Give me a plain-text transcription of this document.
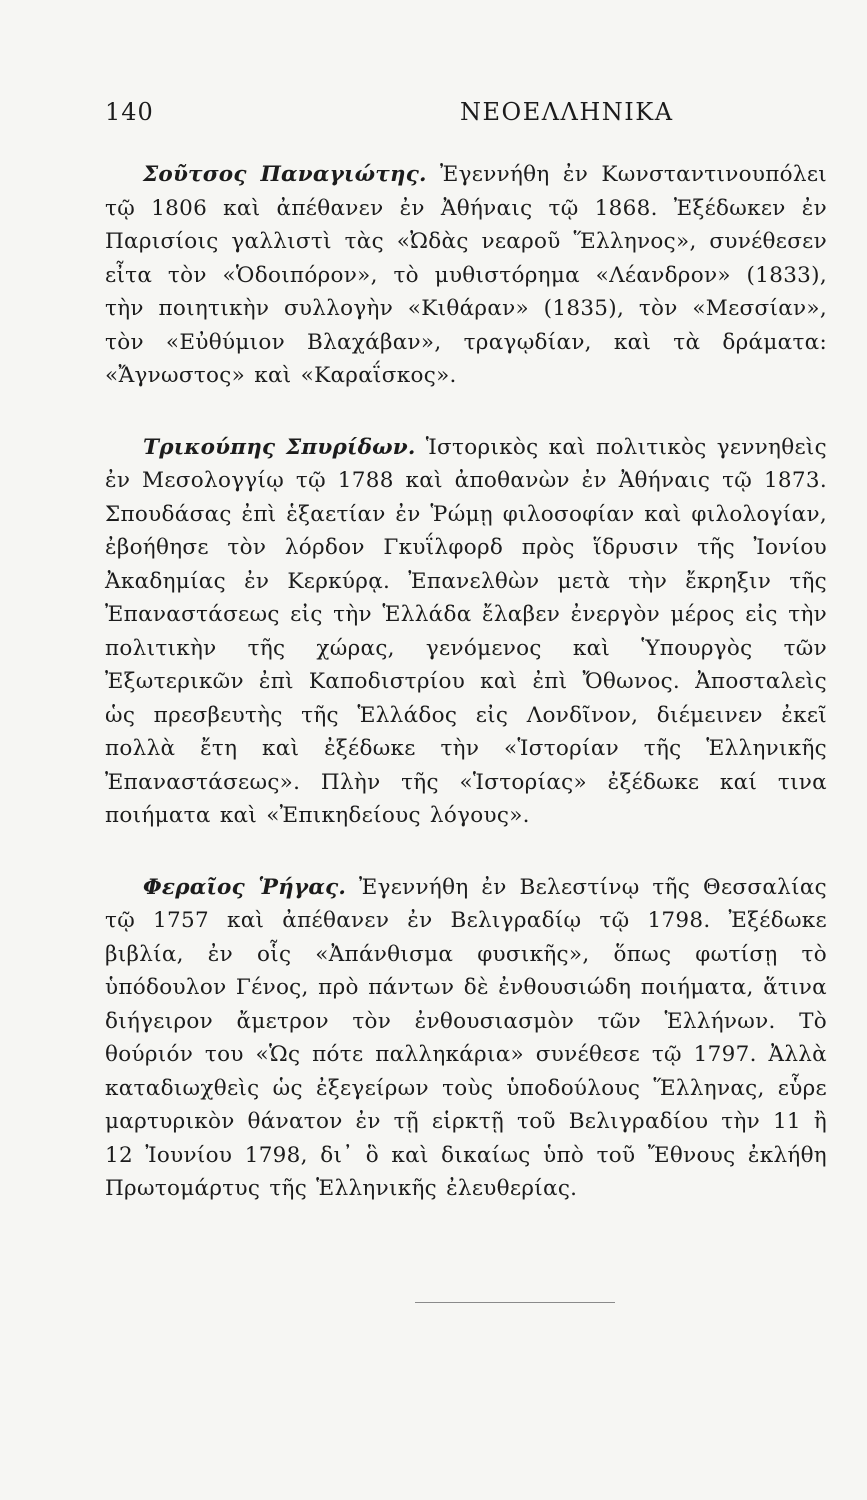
140	ΝΕΟΕΛΛΗΝΙΚΑ

Σοῦτσος Παναγιώτης. Ἐγεννήθη ἐν Κωνσταντινουπόλει τῷ 1806 καὶ ἀπέθανεν ἐν Ἀθήναις τῷ 1868. Ἐξέδωκεν ἐν Παρισίοις γαλλιστὶ τὰς «Ὠδὰς νεαροῦ Ἕλληνος», συνέθεσεν εἶτα τὸν «Ὁδοιπόρον», τὸ μυθιστόρημα «Λέανδρον» (1833), τὴν ποιητικὴν συλλογὴν «Κιθάραν» (1835), τὸν «Μεσσίαν», τὸν «Εὐθύμιον Βλαχάβαν», τραγῳδίαν, καὶ τὰ δράματα: «Ἄγνωστος» καὶ «Καραΐσκος».

Τρικούπης Σπυρίδων. Ἱστορικὸς καὶ πολιτικὸς γεννηθεὶς ἐν Μεσολογγίῳ τῷ 1788 καὶ ἀποθανὼν ἐν Ἀθήναις τῷ 1873. Σπουδάσας ἐπὶ ἑξαετίαν ἐν Ῥώμῃ φιλοσοφίαν καὶ φιλολογίαν, ἐβοήθησε τὸν λόρδον Γκυΐλφορδ πρὸς ἵδρυσιν τῆς Ἰονίου Ἀκαδημίας ἐν Κερκύρᾳ. Ἐπανελθὼν μετὰ τὴν ἔκρηξιν τῆς Ἐπαναστάσεως εἰς τὴν Ἑλλάδα ἔλαβεν ἐνεργὸν μέρος εἰς τὴν πολιτικὴν τῆς χώρας, γενόμενος καὶ Ὑπουργὸς τῶν Ἐξωτερικῶν ἐπὶ Καποδιστρίου καὶ ἐπὶ Ὄθωνος. Ἀποσταλεὶς ὡς πρεσβευτὴς τῆς Ἑλλάδος εἰς Λονδῖνον, διέμεινεν ἐκεῖ πολλὰ ἔτη καὶ ἐξέδωκε τὴν «Ἱστορίαν τῆς Ἑλληνικῆς Ἐπαναστάσεως». Πλὴν τῆς «Ἱστορίας» ἐξέδωκε καί τινα ποιήματα καὶ «Ἐπικηδείους λόγους».

Φεραῖος Ῥήγας. Ἐγεννήθη ἐν Βελεστίνῳ τῆς Θεσσαλίας τῷ 1757 καὶ ἀπέθανεν ἐν Βελιγραδίῳ τῷ 1798. Ἐξέδωκε βιβλία, ἐν οἷς «Ἀπάνθισμα φυσικῆς», ὅπως φωτίσῃ τὸ ὑπόδουλον Γένος, πρὸ πάντων δὲ ἐνθουσιώδη ποιήματα, ἅτινα διήγειρον ἄμετρον τὸν ἐνθουσιασμὸν τῶν Ἑλλήνων. Τὸ θούριόν του «Ὡς πότε παλληκάρια» συνέθεσε τῷ 1797. Ἀλλὰ καταδιωχθεὶς ὡς ἐξεγείρων τοὺς ὑποδούλους Ἕλληνας, εὗρε μαρτυρικὸν θάνατον ἐν τῇ εἱρκτῇ τοῦ Βελιγραδίου τὴν 11 ἢ 12 Ἰουνίου 1798, δι᾽ ὃ καὶ δικαίως ὑπὸ τοῦ Ἔθνους ἐκλήθη Πρωτομάρτυς τῆς Ἑλληνικῆς ἐλευθερίας.
